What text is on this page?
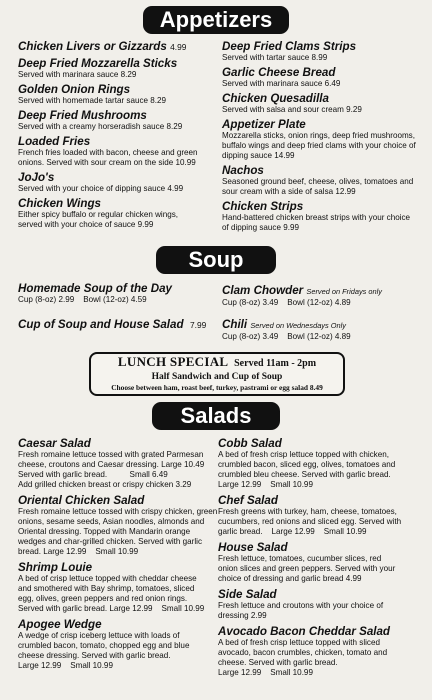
Appetizers
Soup
Salads
Chicken Livers or Gizzards 4.99
Deep Fried Mozzarella Sticks
Served with marinara sauce 8.29
Golden Onion Rings
Served with homemade tartar sauce 8.29
Deep Fried Mushrooms
Served with a creamy horseradish sauce 8.29
Loaded Fries
French fries loaded with bacon, cheese and green
onions. Served with sour cream on the side 10.99
JoJo's
Served with your choice of dipping sauce 4.99
Chicken Wings
Either spicy buffalo or regular chicken wings,
served with your choice of sauce 9.99
Deep Fried Clams Strips
Served with tartar sauce 8.99
Garlic Cheese Bread
Served with marinara sauce 6.49
Chicken Quesadilla
Served with salsa and sour cream 9.29
Appetizer Plate
Mozzarella sticks, onion rings, deep fried mushrooms,
buffalo wings and deep fried clams with your choice of
dipping sauce 14.99
Nachos
Seasoned ground beef, cheese, olives, tomatoes and
sour cream with a side of salsa 12.99
Chicken Strips
Hand-battered chicken breast strips with your choice
of dipping sauce 9.99
Homemade Soup of the Day
Cup (8-oz) 2.99    Bowl (12-oz) 4.59
Clam Chowder Served on Fridays only
Cup (8-oz) 3.49    Bowl (12-oz) 4.89
Cup of Soup and House Salad 7.99 Chili Served on Wednesdays Only
Cup (8-oz) 3.49    Bowl (12-oz) 4.89
LUNCH SPECIAL Served 11am - 2pm
Half Sandwich and Cup of Soup
Choose between ham, roast beef, turkey, pastrami or egg salad 8.49
Caesar Salad
Fresh romaine lettuce tossed with grated Parmesan
cheese, croutons and Caesar dressing. Large 10.49
Served with garlic bread.          Small 6.49
Add grilled chicken breast or crispy chicken 3.29
Oriental Chicken Salad
Fresh romaine lettuce tossed with crispy chicken, green
onions, sesame seeds, Asian noodles, almonds and
Oriental dressing. Topped with Mandarin orange
wedges and char-grilled chicken. Served with garlic
bread. Large 12.99    Small 10.99
Shrimp Louie
A bed of crisp lettuce topped with cheddar cheese
and smothered with Bay shrimp, tomatoes, sliced
egg, olives, green peppers and red onion rings.
Served with garlic bread. Large 12.99    Small 10.99
Apogee Wedge
A wedge of crisp iceberg lettuce with loads of
crumbled bacon, tomato, chopped egg and blue
cheese dressing. Served with garlic bread.
Large 12.99    Small 10.99
Cobb Salad
A bed of fresh crisp lettuce topped with chicken,
crumbled bacon, sliced egg, olives, tomatoes and
crumbled bleu cheese. Served with garlic bread.
Large 12.99    Small 10.99
Chef Salad
Fresh greens with turkey, ham, cheese, tomatoes,
cucumbers, red onions and sliced egg. Served with
garlic bread.    Large 12.99    Small 10.99
House Salad
Fresh lettuce, tomatoes, cucumber slices, red
onion slices and green peppers. Served with your
choice of dressing and garlic bread 4.99
Side Salad
Fresh lettuce and croutons with your choice of
dressing 2.99
Avocado Bacon Cheddar Salad
A bed of fresh crisp lettuce topped with sliced
avocado, bacon crumbles, chicken, tomato and
cheese. Served with garlic bread.
Large 12.99    Small 10.99
